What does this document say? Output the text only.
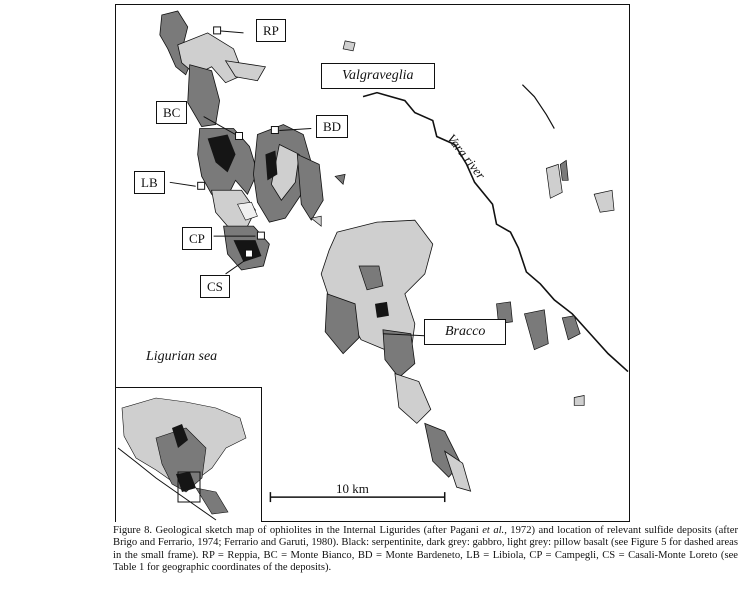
Valgraveglia
Bracco
Ligurian sea
Vara river
RP
BC
BD
LB
CP
CS
10 km
Figure 8. Geological sketch map of ophiolites in the Internal Ligurides (after Pagani et al., 1972) and location of relevant sulfide deposits (after Brigo and Ferrario, 1974; Ferrario and Garuti, 1980). Black: serpentinite, dark grey: gabbro, light grey: pillow basalt (see Figure 5 for dashed areas in the small frame). RP = Reppia, BC = Monte Bianco, BD = Monte Bardeneto, LB = Libiola, CP = Campegli, CS = Casali-Monte Loreto (see Table 1 for geographic coordinates of the deposits).
